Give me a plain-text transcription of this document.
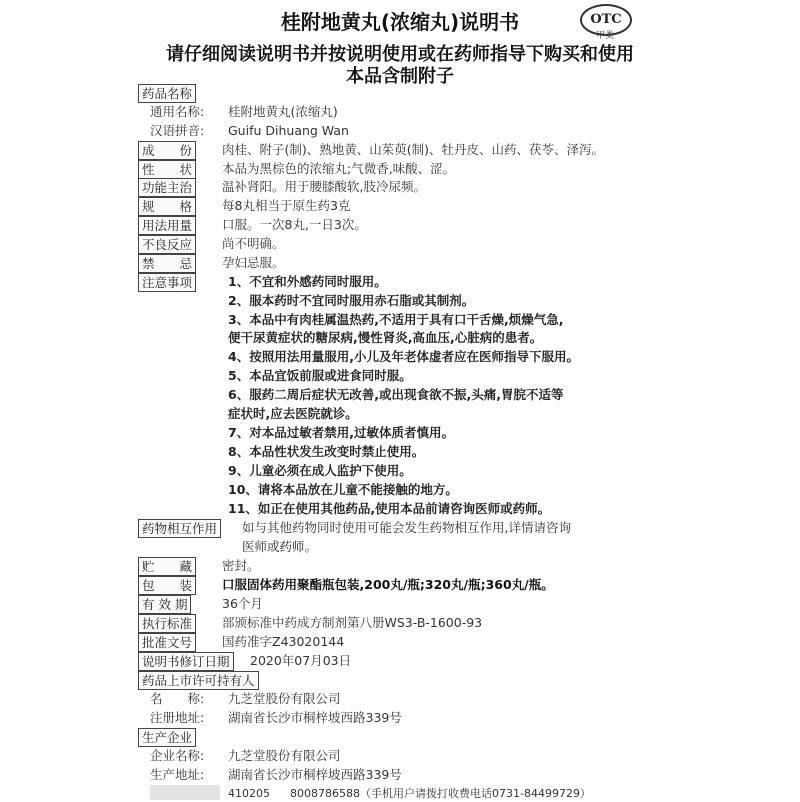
桂附地黄丸(浓缩丸)说明书	OTC
甲类
请仔细阅读说明书并按说明使用或在药师指导下购买和使用
本品含制附子
药品名称
通用名称: 桂附地黄丸(浓缩丸)
汉语拼音: Guifu Dihuang Wan
成　　份	肉桂、附子(制)、熟地黄、山茱萸(制)、牡丹皮、山药、茯苓、泽泻。
性　　状	本品为黑棕色的浓缩丸;气微香,味酸、涩。
功能主治	温补肾阳。用于腰膝酸软,肢冷尿频。
规　　格	每8丸相当于原生药3克
用法用量	口服。一次8丸,一日3次。
不良反应	尚不明确。
禁　　忌	孕妇忌服。
注意事项	1、不宜和外感药同时服用。
2、服本药时不宜同时服用赤石脂或其制剂。
3、本品中有肉桂属温热药,不适用于具有口干舌燥,烦燥气急,
便干尿黄症状的糖尿病,慢性肾炎,高血压,心脏病的患者。
4、按照用法用量服用,小儿及年老体虚者应在医师指导下服用。
5、本品宜饭前服或进食同时服。
6、服药二周后症状无改善,或出现食欲不振,头痛,胃脘不适等
症状时,应去医院就诊。
7、对本品过敏者禁用,过敏体质者慎用。
8、本品性状发生改变时禁止使用。
9、儿童必须在成人监护下使用。
10、请将本品放在儿童不能接触的地方。
11、如正在使用其他药品,使用本品前请咨询医师或药师。
药物相互作用	如与其他药物同时使用可能会发生药物相互作用,详情请咨询
医师或药师。
贮　　藏	密封。
包　　装	口服固体药用聚酯瓶包装,200丸/瓶;320丸/瓶;360丸/瓶。
有 效 期	36个月
执行标准	部颁标准中药成方制剂第八册WS3-B-1600-93
批准文号	国药准字Z43020144
说明书修订日期	2020年07月03日
药品上市许可持有人
名　　称: 九芝堂股份有限公司
注册地址: 湖南省长沙市桐梓坡西路339号
生产企业
企业名称: 九芝堂股份有限公司
生产地址: 湖南省长沙市桐梓坡西路339号
410205 8008786588（手机用户请拨打收费电话0731-84499729）
